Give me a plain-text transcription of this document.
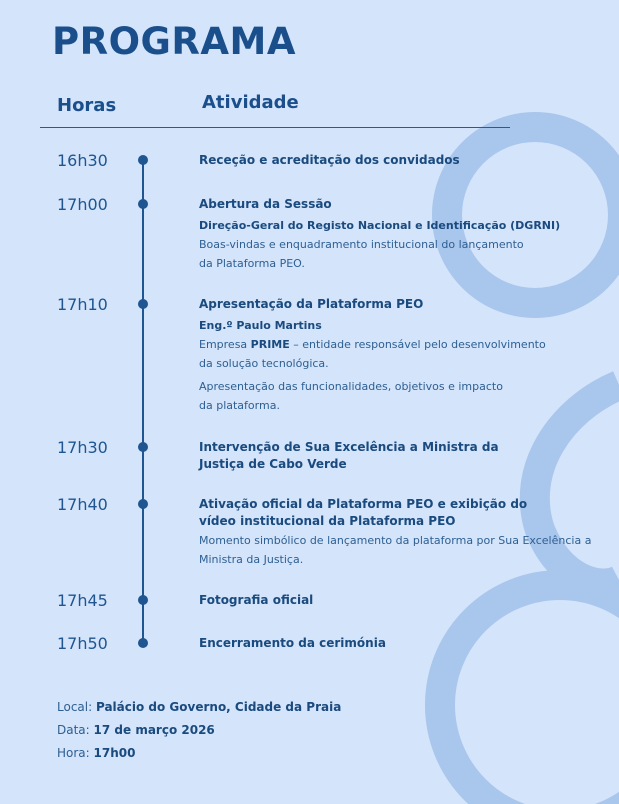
PROGRAMA
Horas	Atividade
16h30	Receção e acreditação dos convidados
17h00	Abertura da Sessão
Direção-Geral do Registo Nacional e Identificação (DGRNI)
Boas-vindas e enquadramento institucional do lançamento da Plataforma PEO.
17h10	Apresentação da Plataforma PEO
Eng.º Paulo Martins
Empresa PRIME – entidade responsável pelo desenvolvimento da solução tecnológica.
Apresentação das funcionalidades, objetivos e impacto da plataforma.
17h30	Intervenção de Sua Excelência a Ministra da Justiça de Cabo Verde
17h40	Ativação oficial da Plataforma PEO e exibição do vídeo institucional da Plataforma PEO
Momento simbólico de lançamento da plataforma por Sua Excelência a Ministra da Justiça.
17h45	Fotografia oficial
17h50	Encerramento da cerimónia
Local: Palácio do Governo, Cidade da Praia
Data: 17 de março 2026
Hora: 17h00
